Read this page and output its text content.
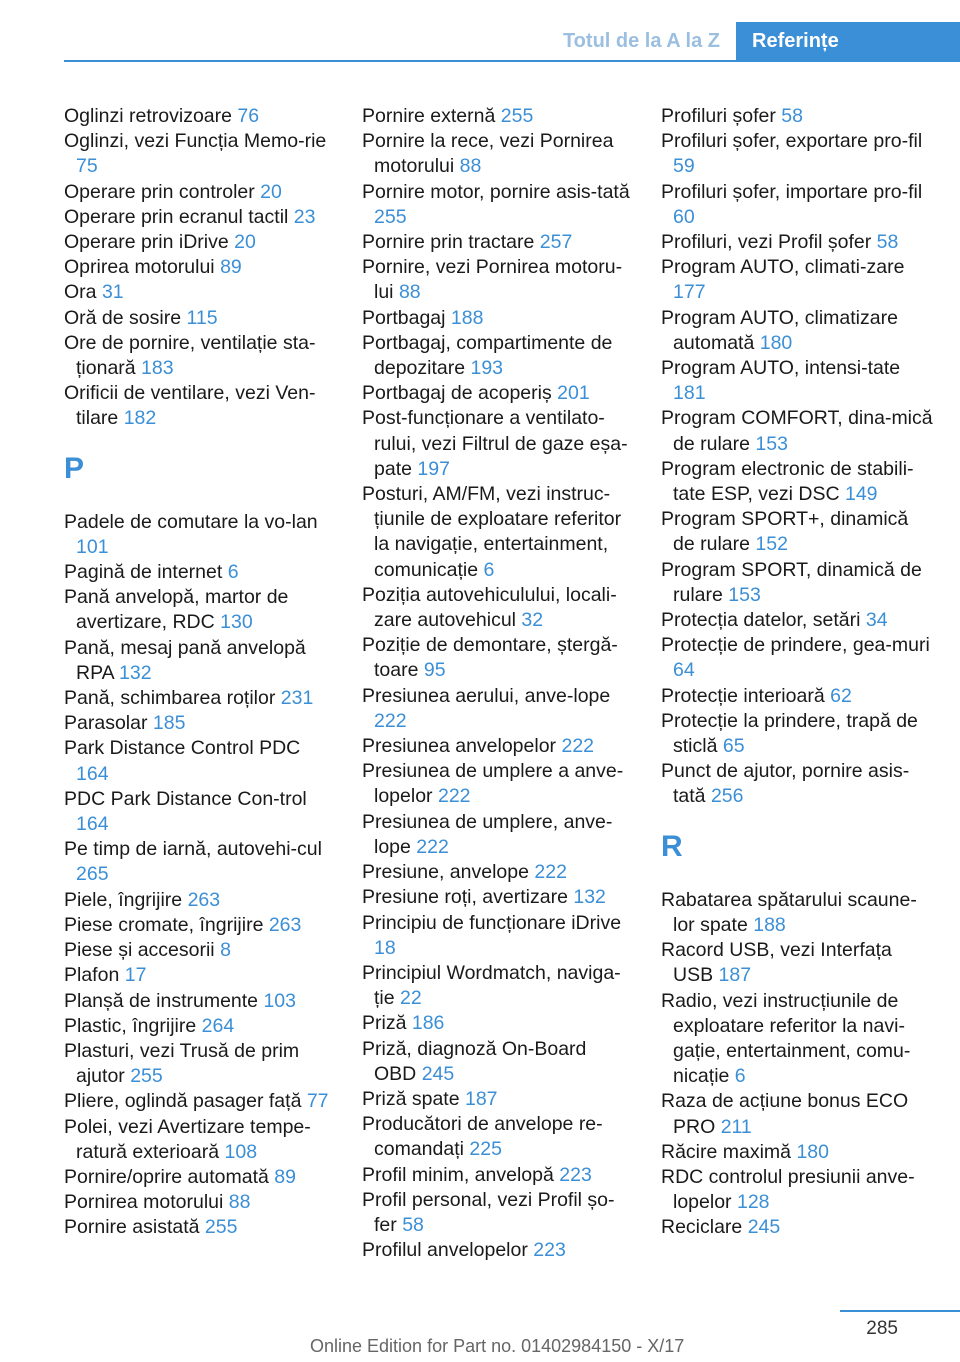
Totul de la A la Z	Referințe
Oglinzi retrovizoare 76
Oglinzi, vezi Funcția Memo‐rie 75
Operare prin controler 20
Operare prin ecranul tactil 23
Operare prin iDrive 20
Oprirea motorului 89
Ora 31
Oră de sosire 115
Ore de pornire, ventilație sta‐ționară 183
Orificii de ventilare, vezi Ven‐tilare 182
P
Padele de comutare la vo‐lan 101
Pagină de internet 6
Pană anvelopă, martor de avertizare, RDC 130
Pană, mesaj pană anvelopă RPA 132
Pană, schimbarea roților 231
Parasolar 185
Park Distance Control PDC 164
PDC Park Distance Con‐trol 164
Pe timp de iarnă, autovehi‐cul 265
Piele, îngrijire 263
Piese cromate, îngrijire 263
Piese și accesorii 8
Plafon 17
Planșă de instrumente 103
Plastic, îngrijire 264
Plasturi, vezi Trusă de prim ajutor 255
Pliere, oglindă pasager față 77
Polei, vezi Avertizare tempe‐ratură exterioară 108
Pornire/oprire automată 89
Pornirea motorului 88
Pornire asistată 255
Pornire externă 255
Pornire la rece, vezi Pornirea motorului 88
Pornire motor, pornire asis‐tată 255
Pornire prin tractare 257
Pornire, vezi Pornirea motoru‐lui 88
Portbagaj 188
Portbagaj, compartimente de depozitare 193
Portbagaj de acoperiș 201
Post-funcționare a ventilato‐rului, vezi Filtrul de gaze eșa‐pate 197
Posturi, AM/FM, vezi instruc‐țiunile de exploatare referitor la navigație, entertainment, comunicație 6
Poziția autovehiculului, locali‐zare autovehicul 32
Poziție de demontare, ștergă‐toare 95
Presiunea aerului, anve‐lope 222
Presiunea anvelopelor 222
Presiunea de umplere a anve‐lopelor 222
Presiunea de umplere, anve‐lope 222
Presiune, anvelope 222
Presiune roți, avertizare 132
Principiu de funcționare iDrive 18
Principiul Wordmatch, naviga‐ție 22
Priză 186
Priză, diagnoză On-Board OBD 245
Priză spate 187
Producători de anvelope re‐comandați 225
Profil minim, anvelopă 223
Profil personal, vezi Profil șo‐fer 58
Profilul anvelopelor 223
Profiluri șofer 58
Profiluri șofer, exportare pro‐fil 59
Profiluri șofer, importare pro‐fil 60
Profiluri, vezi Profil șofer 58
Program AUTO, climati‐zare 177
Program AUTO, climatizare automată 180
Program AUTO, intensi‐tate 181
Program COMFORT, dina‐mică de rulare 153
Program electronic de stabili‐tate ESP, vezi DSC 149
Program SPORT+, dinamică de rulare 152
Program SPORT, dinamică de rulare 153
Protecția datelor, setări 34
Protecție de prindere, gea‐muri 64
Protecție interioară 62
Protecție la prindere, trapă de sticlă 65
Punct de ajutor, pornire asis‐tată 256
R
Rabatarea spătarului scaune‐lor spate 188
Racord USB, vezi Interfața USB 187
Radio, vezi instrucțiunile de exploatare referitor la navi‐gație, entertainment, comu‐nicație 6
Raza de acțiune bonus ECO PRO 211
Răcire maximă 180
RDC controlul presiunii anve‐lopelor 128
Reciclare 245
285
Online Edition for Part no. 01402984150 - X/17
